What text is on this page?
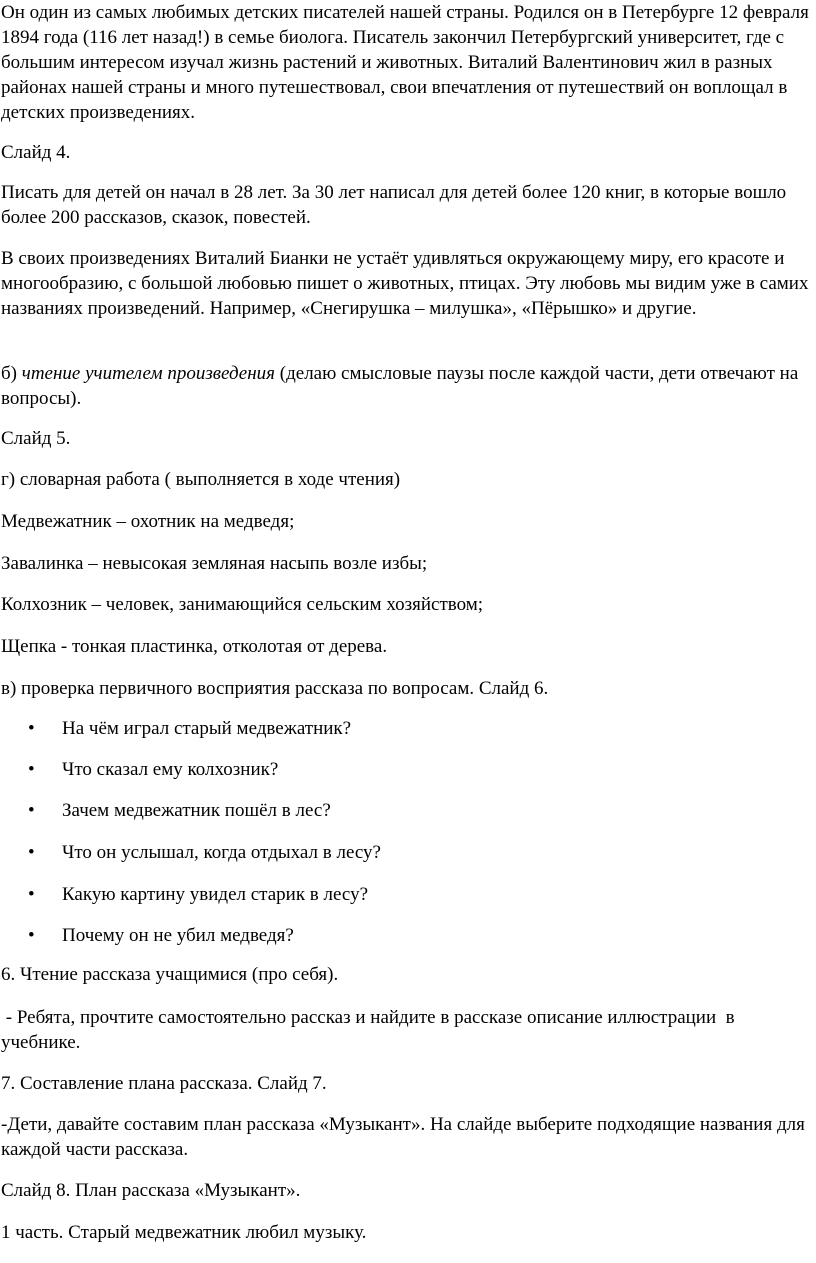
Он один из самых любимых детских писателей нашей страны. Родился он в Петербурге 12 февраля 1894 года (116 лет назад!) в семье биолога. Писатель закончил Петербургский университет, где с большим интересом изучал жизнь растений и животных. Виталий Валентинович жил в разных районах нашей страны и много путешествовал, свои впечатления от путешествий он воплощал в детских произведениях.

Слайд 4.

Писать для детей он начал в 28 лет. За 30 лет написал для детей более 120 книг, в которые вошло более 200 рассказов, сказок, повестей.

В своих произведениях Виталий Бианки не устаёт удивляться окружающему миру, его красоте и многообразию, с большой любовью пишет о животных, птицах. Эту любовь мы видим уже в самих названиях произведений. Например, «Снегирушка – милушка», «Пёрышко» и другие.

б) чтение учителем произведения (делаю смысловые паузы после каждой части, дети отвечают на вопросы).

Слайд 5.

г) словарная работа ( выполняется в ходе чтения)

Медвежатник – охотник на медведя;

Завалинка – невысокая земляная насыпь возле избы;

Колхозник – человек, занимающийся сельским хозяйством;

Щепка - тонкая пластинка, отколотая от дерева.

в) проверка первичного восприятия рассказа по вопросам. Слайд 6.

• На чём играл старый медвежатник?

• Что сказал ему колхозник?

• Зачем медвежатник пошёл в лес?

• Что он услышал, когда отдыхал в лесу?

• Какую картину увидел старик в лесу?

• Почему он не убил медведя?

6. Чтение рассказа учащимися (про себя).

- Ребята, прочтите самостоятельно рассказ и найдите в рассказе описание иллюстрации  в учебнике.

7. Составление плана рассказа. Слайд 7.

-Дети, давайте составим план рассказа «Музыкант». На слайде выберите подходящие названия для каждой части рассказа.

Слайд 8. План рассказа «Музыкант».

1 часть. Старый медвежатник любил музыку.
